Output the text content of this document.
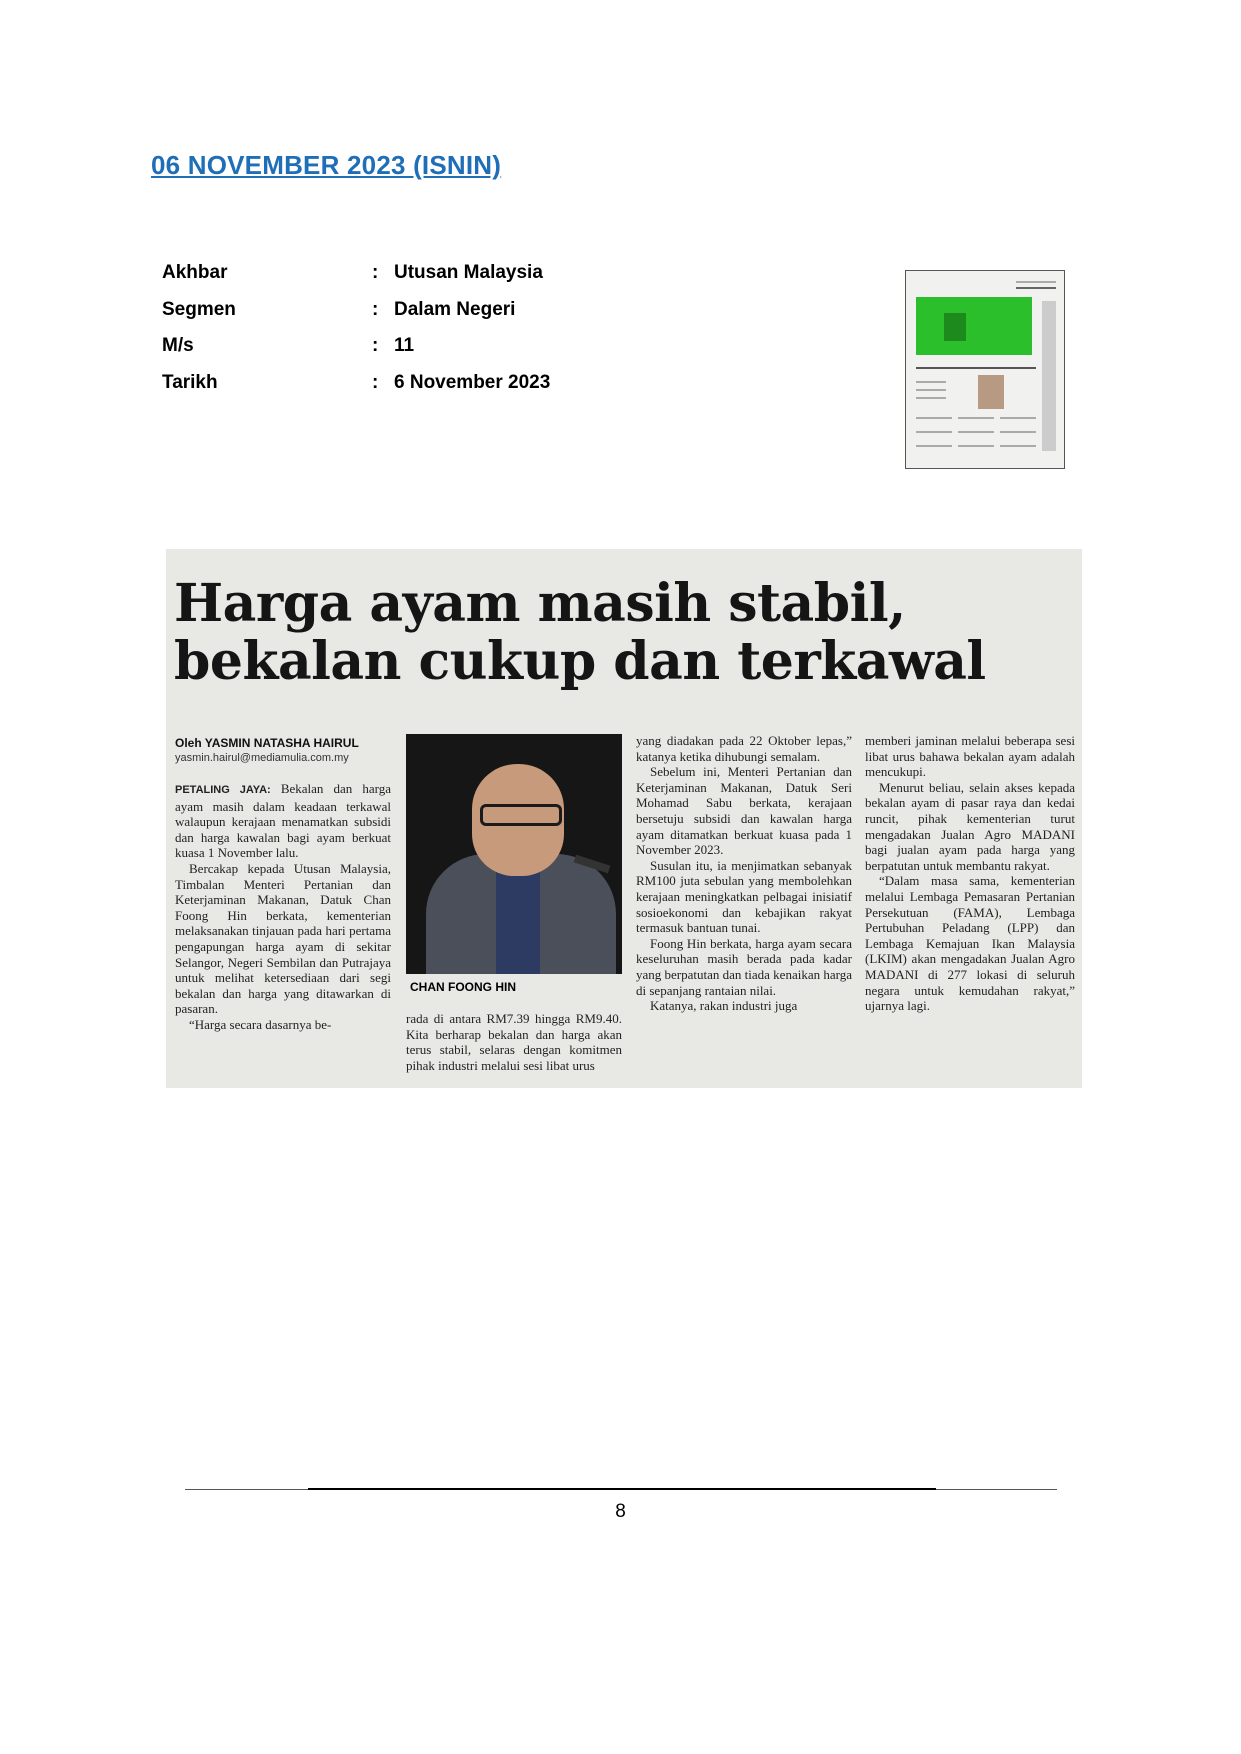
06 NOVEMBER 2023 (ISNIN)
Akhbar	: Utusan Malaysia
Segmen	: Dalam Negeri
M/s	: 11
Tarikh	: 6 November 2023
Harga ayam masih stabil,
bekalan cukup dan terkawal
Oleh YASMIN NATASHA HAIRUL
yasmin.hairul@mediamulia.com.my

PETALING JAYA: Bekalan dan harga ayam masih dalam keadaan terkawal walaupun kerajaan menamatkan subsidi dan harga kawalan bagi ayam berkuat kuasa 1 November lalu.

Bercakap kepada Utusan Malaysia, Timbalan Menteri Pertanian dan Keterjaminan Makanan, Datuk Chan Foong Hin berkata, kementerian melaksanakan tinjauan pada hari pertama pengapungan harga ayam di sekitar Selangor, Negeri Sembilan dan Putrajaya untuk melihat ketersediaan dari segi bekalan dan harga yang ditawarkan di pasaran.

“Harga secara dasarnya be-

CHAN FOONG HIN

rada di antara RM7.39 hingga RM9.40. Kita berharap bekalan dan harga akan terus stabil, selaras dengan komitmen pihak industri melalui sesi libat urus

yang diadakan pada 22 Oktober lepas,” katanya ketika dihubungi semalam.

Sebelum ini, Menteri Pertanian dan Keterjaminan Makanan, Datuk Seri Mohamad Sabu berkata, kerajaan bersetuju subsidi dan kawalan harga ayam ditamatkan berkuat kuasa pada 1 November 2023.

Susulan itu, ia menjimatkan sebanyak RM100 juta sebulan yang membolehkan kerajaan meningkatkan pelbagai inisiatif sosioekonomi dan kebajikan rakyat termasuk bantuan tunai.

Foong Hin berkata, harga ayam secara keseluruhan masih berada pada kadar yang berpatutan dan tiada kenaikan harga di sepanjang rantaian nilai.

Katanya, rakan industri juga

memberi jaminan melalui beberapa sesi libat urus bahawa bekalan ayam adalah mencukupi.

Menurut beliau, selain akses kepada bekalan ayam di pasar raya dan kedai runcit, pihak kementerian turut mengadakan Jualan Agro MADANI bagi jualan ayam pada harga yang berpatutan untuk membantu rakyat.

“Dalam masa sama, kementerian melalui Lembaga Pemasaran Pertanian Persekutuan (FAMA), Lembaga Pertubuhan Peladang (LPP) dan Lembaga Kemajuan Ikan Malaysia (LKIM) akan mengadakan Jualan Agro MADANI di 277 lokasi di seluruh negara untuk kemudahan rakyat,” ujarnya lagi.

8
